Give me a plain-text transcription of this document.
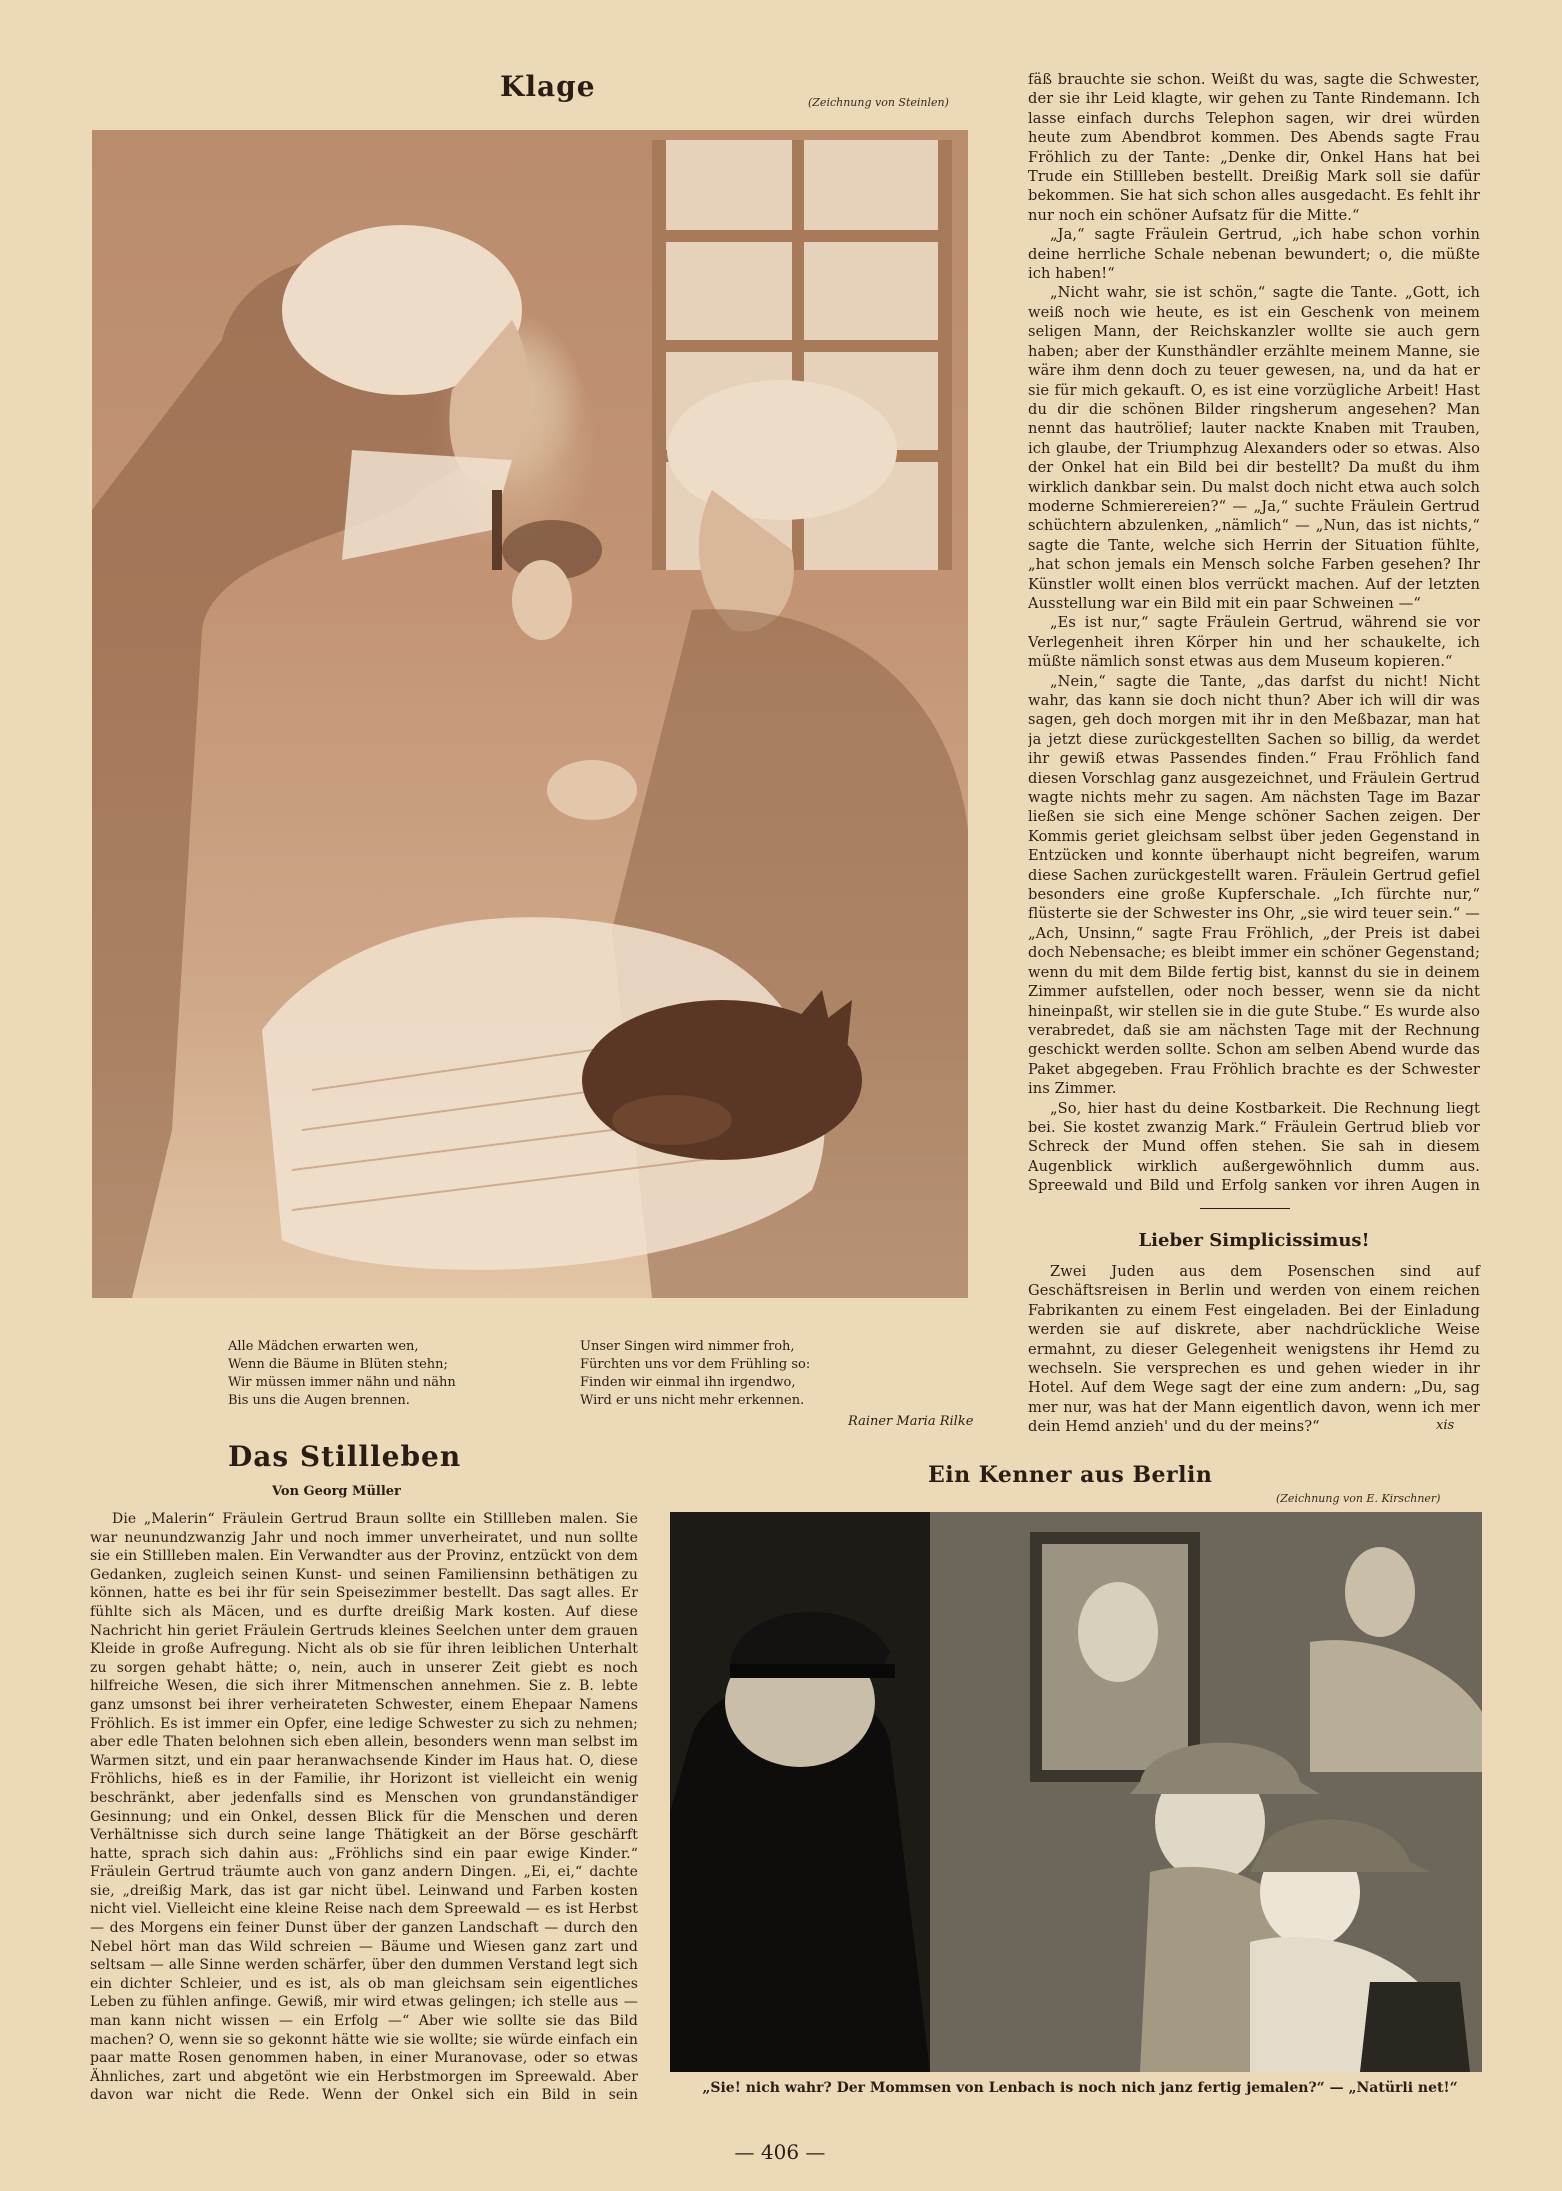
Klage	(Zeichnung von Steinlen)
Alle Mädchen erwarten wen,
Wenn die Bäume in Blüten stehn;
Wir müssen immer nähn und nähn
Bis uns die Augen brennen.
Unser Singen wird nimmer froh,
Fürchten uns vor dem Frühling so:
Finden wir einmal ihn irgendwo,
Wird er uns nicht mehr erkennen.
Rainer Maria Rilke

fäß brauchte sie schon. Weißt du was, sagte die Schwester, der sie ihr Leid klagte, wir gehen zu Tante Rindemann. Ich lasse einfach durchs Telephon sagen, wir drei würden heute zum Abendbrot kommen. Des Abends sagte Frau Fröhlich zu der Tante: „Denke dir, Onkel Hans hat bei Trude ein Stillleben bestellt. Dreißig Mark soll sie dafür bekommen. Sie hat sich schon alles ausgedacht. Es fehlt ihr nur noch ein schöner Aufsatz für die Mitte.“

„Ja,“ sagte Fräulein Gertrud, „ich habe schon vorhin deine herrliche Schale nebenan bewundert; o, die müßte ich haben!“

„Nicht wahr, sie ist schön,“ sagte die Tante. „Gott, ich weiß noch wie heute, es ist ein Geschenk von meinem seligen Mann, der Reichskanzler wollte sie auch gern haben; aber der Kunsthändler erzählte meinem Manne, sie wäre ihm denn doch zu teuer gewesen, na, und da hat er sie für mich gekauft. O, es ist eine vorzügliche Arbeit! Hast du dir die schönen Bilder ringsherum angesehen? Man nennt das hautrölief; lauter nackte Knaben mit Trauben, ich glaube, der Triumphzug Alexanders oder so etwas. Also der Onkel hat ein Bild bei dir bestellt? Da mußt du ihm wirklich dankbar sein. Du malst doch nicht etwa auch solch moderne Schmierereien?“ — „Ja,“ suchte Fräulein Gertrud schüchtern abzulenken, „nämlich“ — „Nun, das ist nichts,“ sagte die Tante, welche sich Herrin der Situation fühlte, „hat schon jemals ein Mensch solche Farben gesehen? Ihr Künstler wollt einen blos verrückt machen. Auf der letzten Ausstellung war ein Bild mit ein paar Schweinen —“

„Es ist nur,“ sagte Fräulein Gertrud, während sie vor Verlegenheit ihren Körper hin und her schaukelte, ich müßte nämlich sonst etwas aus dem Museum kopieren.“

„Nein,“ sagte die Tante, „das darfst du nicht! Nicht wahr, das kann sie doch nicht thun? Aber ich will dir was sagen, geh doch morgen mit ihr in den Meßbazar, man hat ja jetzt diese zurückgestellten Sachen so billig, da werdet ihr gewiß etwas Passendes finden.“ Frau Fröhlich fand diesen Vorschlag ganz ausgezeichnet, und Fräulein Gertrud wagte nichts mehr zu sagen. Am nächsten Tage im Bazar ließen sie sich eine Menge schöner Sachen zeigen. Der Kommis geriet gleichsam selbst über jeden Gegenstand in Entzücken und konnte überhaupt nicht begreifen, warum diese Sachen zurückgestellt waren. Fräulein Gertrud gefiel besonders eine große Kupferschale. „Ich fürchte nur,“ flüsterte sie der Schwester ins Ohr, „sie wird teuer sein.“ — „Ach, Unsinn,“ sagte Frau Fröhlich, „der Preis ist dabei doch Nebensache; es bleibt immer ein schöner Gegenstand; wenn du mit dem Bilde fertig bist, kannst du sie in deinem Zimmer aufstellen, oder noch besser, wenn sie da nicht hineinpaßt, wir stellen sie in die gute Stube.“ Es wurde also verabredet, daß sie am nächsten Tage mit der Rechnung geschickt werden sollte. Schon am selben Abend wurde das Paket abgegeben. Frau Fröhlich brachte es der Schwester ins Zimmer.

„So, hier hast du deine Kostbarkeit. Die Rechnung liegt bei. Sie kostet zwanzig Mark.“ Fräulein Gertrud blieb vor Schreck der Mund offen stehen. Sie sah in diesem Augenblick wirklich außergewöhnlich dumm aus. Spreewald und Bild und Erfolg sanken vor ihren Augen in

Lieber Simplicissimus!

Zwei Juden aus dem Posenschen sind auf Geschäftsreisen in Berlin und werden von einem reichen Fabrikanten zu einem Fest eingeladen. Bei der Einladung werden sie auf diskrete, aber nachdrückliche Weise ermahnt, zu dieser Gelegenheit wenigstens ihr Hemd zu wechseln. Sie versprechen es und gehen wieder in ihr Hotel. Auf dem Wege sagt der eine zum andern: „Du, sag mer nur, was hat der Mann eigentlich davon, wenn ich mer dein Hemd anzieh' und du der meins?“	xis
Das Stillleben
Von Georg Müller

Die „Malerin“ Fräulein Gertrud Braun sollte ein Stillleben malen. Sie war neunundzwanzig Jahr und noch immer unverheiratet, und nun sollte sie ein Stillleben malen. Ein Verwandter aus der Provinz, entzückt von dem Gedanken, zugleich seinen Kunst- und seinen Familiensinn bethätigen zu können, hatte es bei ihr für sein Speisezimmer bestellt. Das sagt alles. Er fühlte sich als Mäcen, und es durfte dreißig Mark kosten. Auf diese Nachricht hin geriet Fräulein Gertruds kleines Seelchen unter dem grauen Kleide in große Aufregung. Nicht als ob sie für ihren leiblichen Unterhalt zu sorgen gehabt hätte; o, nein, auch in unserer Zeit giebt es noch hilfreiche Wesen, die sich ihrer Mitmenschen annehmen. Sie z. B. lebte ganz umsonst bei ihrer verheirateten Schwester, einem Ehepaar Namens Fröhlich. Es ist immer ein Opfer, eine ledige Schwester zu sich zu nehmen; aber edle Thaten belohnen sich eben allein, besonders wenn man selbst im Warmen sitzt, und ein paar heranwachsende Kinder im Haus hat. O, diese Fröhlichs, hieß es in der Familie, ihr Horizont ist vielleicht ein wenig beschränkt, aber jedenfalls sind es Menschen von grundanständiger Gesinnung; und ein Onkel, dessen Blick für die Menschen und deren Verhältnisse sich durch seine lange Thätigkeit an der Börse geschärft hatte, sprach sich dahin aus: „Fröhlichs sind ein paar ewige Kinder.“ Fräulein Gertrud träumte auch von ganz andern Dingen. „Ei, ei,“ dachte sie, „dreißig Mark, das ist gar nicht übel. Leinwand und Farben kosten nicht viel. Vielleicht eine kleine Reise nach dem Spreewald — es ist Herbst — des Morgens ein feiner Dunst über der ganzen Landschaft — durch den Nebel hört man das Wild schreien — Bäume und Wiesen ganz zart und seltsam — alle Sinne werden schärfer, über den dummen Verstand legt sich ein dichter Schleier, und es ist, als ob man gleichsam sein eigentliches Leben zu fühlen anfinge. Gewiß, mir wird etwas gelingen; ich stelle aus — man kann nicht wissen — ein Erfolg —“ Aber wie sollte sie das Bild machen? O, wenn sie so gekonnt hätte wie sie wollte; sie würde einfach ein paar matte Rosen genommen haben, in einer Muranovase, oder so etwas Ähnliches, zart und abgetönt wie ein Herbstmorgen im Spreewald. Aber davon war nicht die Rede. Wenn der Onkel sich ein Bild in sein

Ein Kenner aus Berlin
(Zeichnung von E. Kirschner)
„Sie! nich wahr? Der Mommsen von Lenbach is noch nich janz fertig jemalen?“ — „Natürli net!“
— 406 —
